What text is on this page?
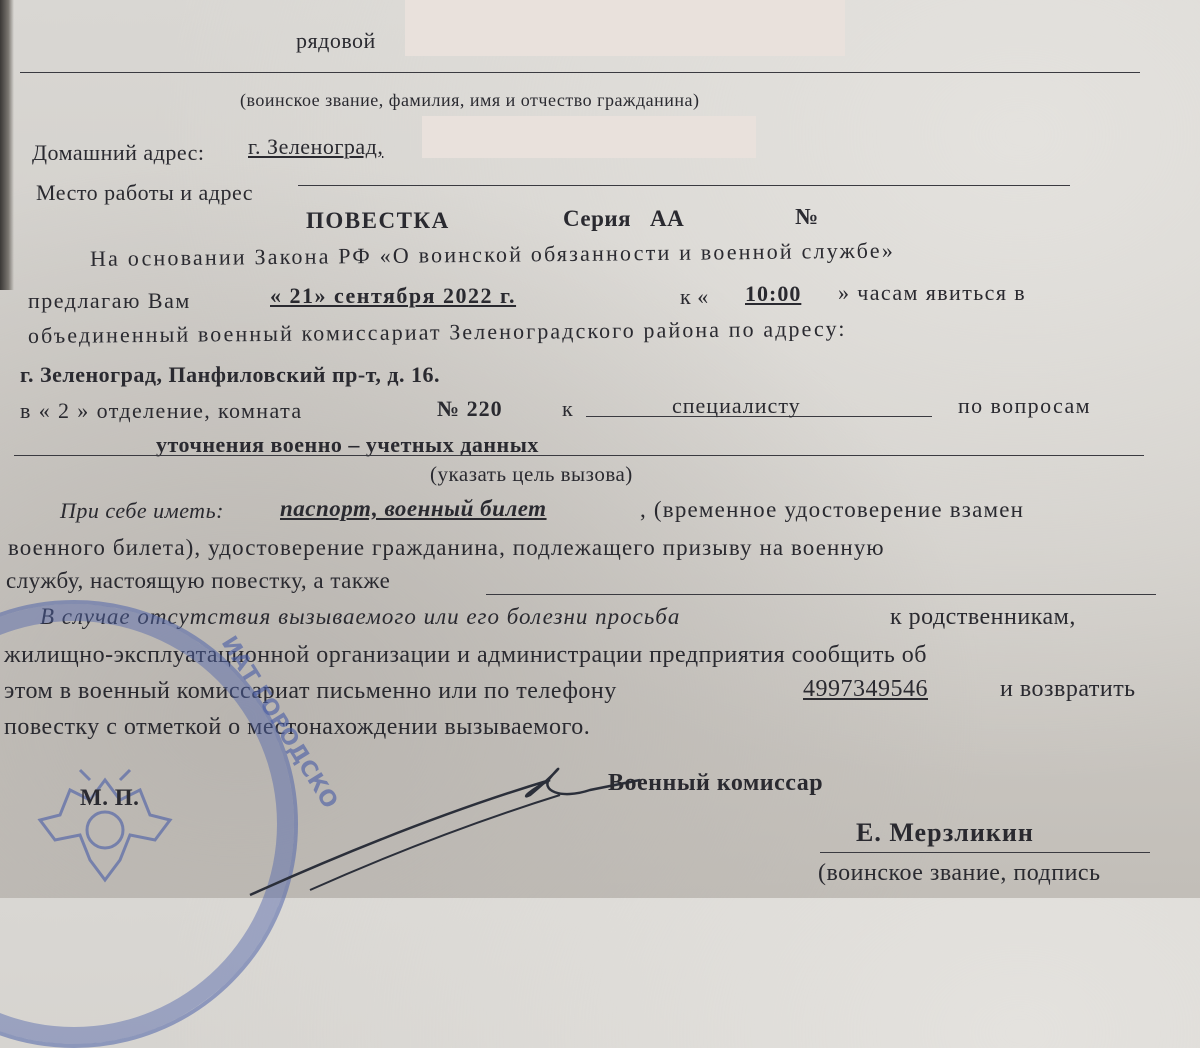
рядовой
(воинское звание, фамилия, имя и отчество гражданина)
Домашний адрес: г. Зеленоград,
Место работы и адрес
ПОВЕСТКА	Серия АА	№
На основании Закона РФ «О воинской обязанности и военной службе»
предлагаю Вам	« 21» сентября 2022 г.	к « 10:00 » часам явиться в
объединенный военный комиссариат Зеленоградского района по адресу:
г. Зеленоград, Панфиловский пр-т, д. 16.
в « 2 » отделение, комната	№ 220	к	специалисту	по вопросам
уточнения военно – учетных данных
(указать цель вызова)
При себе иметь: паспорт, военный билет	, (временное удостоверение взамен
военного билета), удостоверение гражданина, подлежащего призыву на военную
службу, настоящую повестку, а также
В случае отсутствия вызываемого или его болезни просьба	к родственникам,
жилищно-эксплуатационной организации и администрации предприятия сообщить об
этом в военный комиссариат письменно или по телефону	4997349546	и возвратить
повестку с отметкой о местонахождении вызываемого.
ИАТ ГОРОДСКО
М. П.
Военный комиссар
Е. Мерзликин
(воинское звание, подпись
